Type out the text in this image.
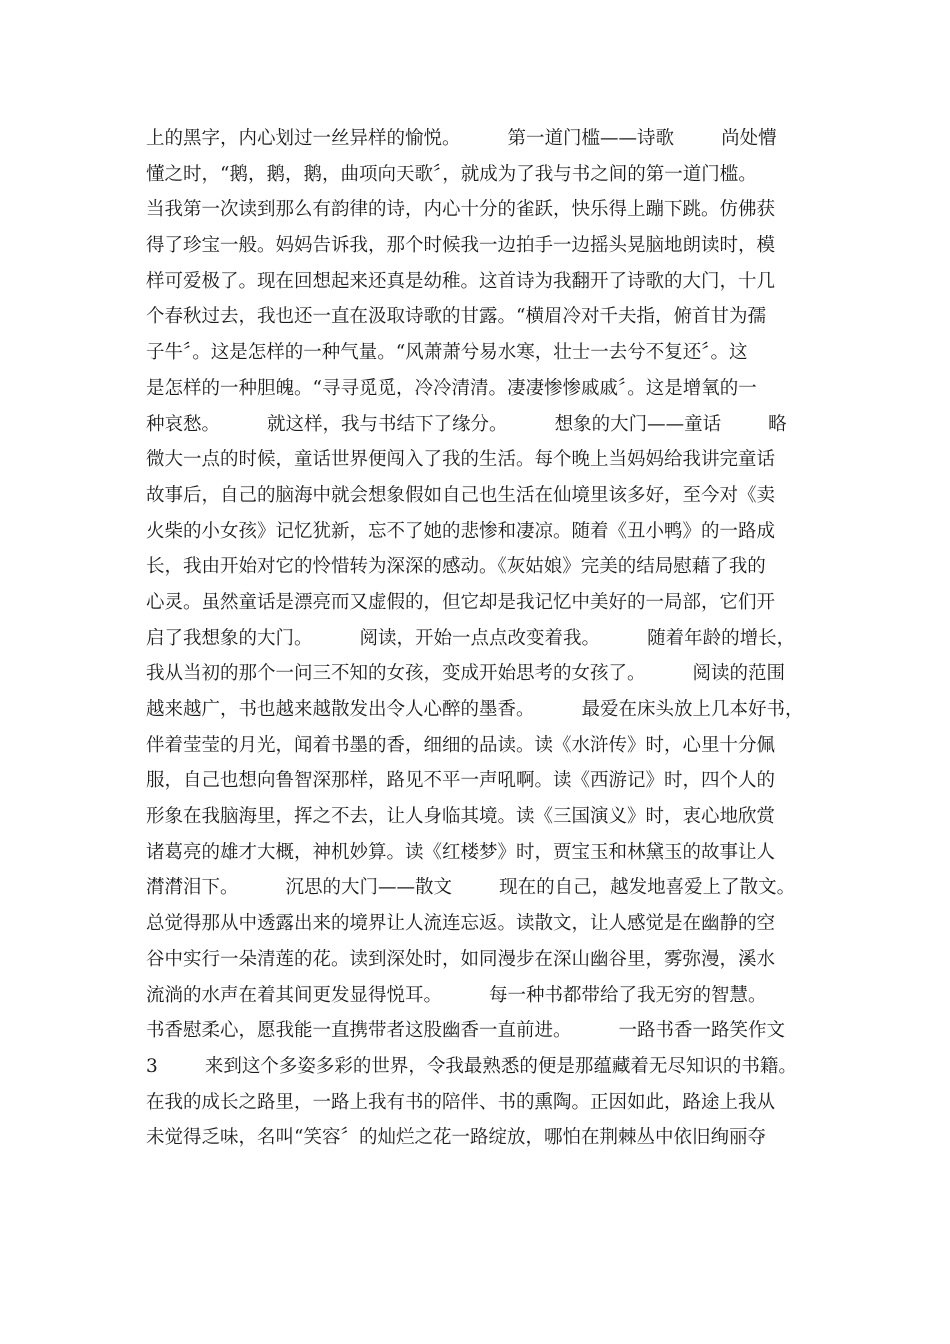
上的黑字，内心划过一丝异样的愉悦。        第一道门槛——诗歌        尚处懵
懂之时，“鹅，鹅，鹅，曲项向天歌〞，就成为了我与书之间的第一道门槛。
当我第一次读到那么有韵律的诗，内心十分的雀跃，快乐得上蹦下跳。仿佛获
得了珍宝一般。妈妈告诉我，那个时候我一边拍手一边摇头晃脑地朗读时，模
样可爱极了。现在回想起来还真是幼稚。这首诗为我翻开了诗歌的大门，十几
个春秋过去，我也还一直在汲取诗歌的甘露。“横眉冷对千夫指，俯首甘为孺
子牛〞。这是怎样的一种气量。“风萧萧兮易水寒，壮士一去兮不复还〞。这
是怎样的一种胆魄。“寻寻觅觅，冷冷清清。凄凄惨惨戚戚〞。这是增氧的一
种哀愁。        就这样，我与书结下了缘分。        想象的大门——童话        略
微大一点的时候，童话世界便闯入了我的生活。每个晚上当妈妈给我讲完童话
故事后，自己的脑海中就会想象假如自己也生活在仙境里该多好，至今对《卖
火柴的小女孩》记忆犹新，忘不了她的悲惨和凄凉。随着《丑小鸭》的一路成
长，我由开始对它的怜惜转为深深的感动。《灰姑娘》完美的结局慰藉了我的
心灵。虽然童话是漂亮而又虚假的，但它却是我记忆中美好的一局部，它们开
启了我想象的大门。        阅读，开始一点点改变着我。        随着年龄的增长，
我从当初的那个一问三不知的女孩，变成开始思考的女孩了。        阅读的范围
越来越广，书也越来越散发出令人心醉的墨香。        最爱在床头放上几本好书，
伴着莹莹的月光，闻着书墨的香，细细的品读。读《水浒传》时，心里十分佩
服，自己也想向鲁智深那样，路见不平一声吼啊。读《西游记》时，四个人的
形象在我脑海里，挥之不去，让人身临其境。读《三国演义》时，衷心地欣赏
诸葛亮的雄才大概，神机妙算。读《红楼梦》时，贾宝玉和林黛玉的故事让人
潸潸泪下。        沉思的大门——散文        现在的自己，越发地喜爱上了散文。
总觉得那从中透露出来的境界让人流连忘返。读散文，让人感觉是在幽静的空
谷中实行一朵清莲的花。读到深处时，如同漫步在深山幽谷里，雾弥漫，溪水
流淌的水声在着其间更发显得悦耳。        每一种书都带给了我无穷的智慧。
书香慰柔心，愿我能一直携带者这股幽香一直前进。        一路书香一路笑作文
3        来到这个多姿多彩的世界，令我最熟悉的便是那蕴藏着无尽知识的书籍。
在我的成长之路里，一路上我有书的陪伴、书的熏陶。正因如此，路途上我从
未觉得乏味，名叫“笑容〞的灿烂之花一路绽放，哪怕在荆棘丛中依旧绚丽夺
